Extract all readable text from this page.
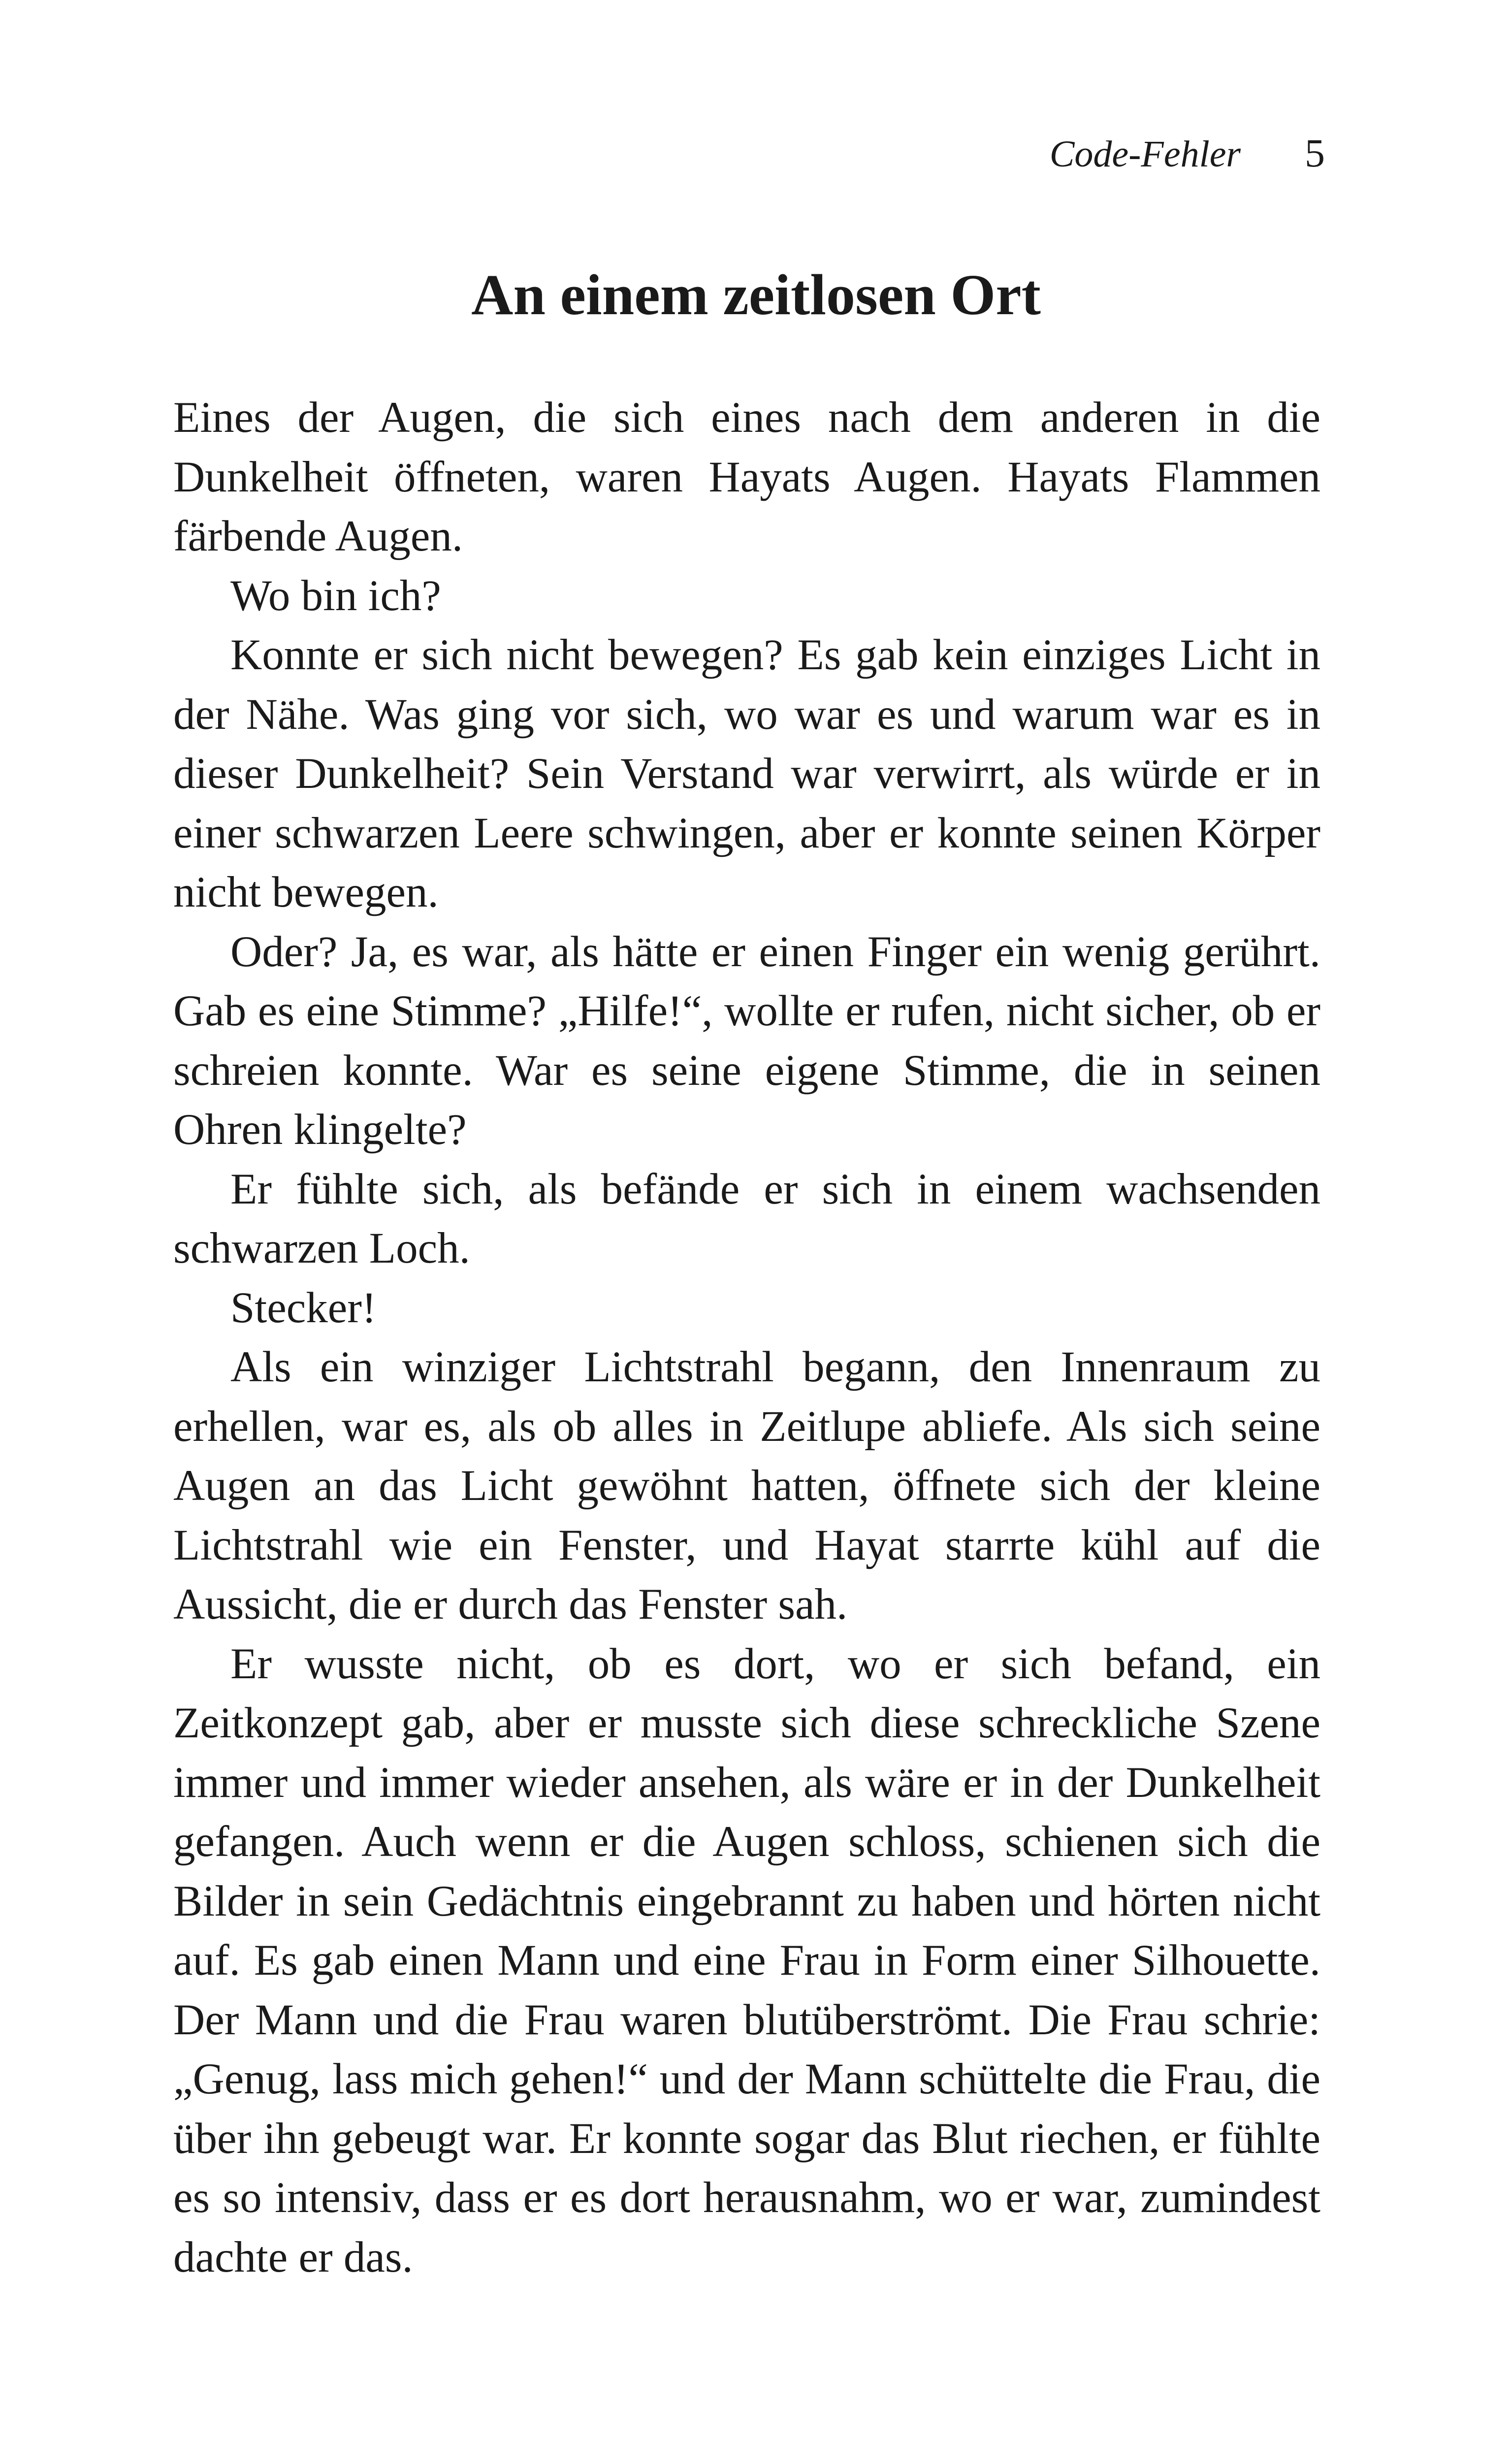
Code-Fehler 5
An einem zeitlosen Ort

Eines der Augen, die sich eines nach dem anderen in die Dunkelheit öffneten, waren Hayats Augen. Hayats Flammen färbende Augen.

Wo bin ich?

Konnte er sich nicht bewegen? Es gab kein einziges Licht in der Nähe. Was ging vor sich, wo war es und warum war es in dieser Dunkelheit? Sein Verstand war verwirrt, als würde er in einer schwarzen Leere schwingen, aber er konnte seinen Körper nicht bewegen.

Oder? Ja, es war, als hätte er einen Finger ein wenig gerührt. Gab es eine Stimme? „Hilfe!“, wollte er rufen, nicht sicher, ob er schreien konnte. War es seine eigene Stimme, die in seinen Ohren klingelte?

Er fühlte sich, als befände er sich in einem wachsenden schwarzen Loch.

Stecker!

Als ein winziger Lichtstrahl begann, den Innenraum zu erhellen, war es, als ob alles in Zeitlupe abliefe. Als sich seine Augen an das Licht gewöhnt hatten, öffnete sich der kleine Lichtstrahl wie ein Fenster, und Hayat starrte kühl auf die Aussicht, die er durch das Fenster sah.

Er wusste nicht, ob es dort, wo er sich befand, ein Zeitkonzept gab, aber er musste sich diese schreckliche Szene immer und immer wieder ansehen, als wäre er in der Dunkelheit gefangen. Auch wenn er die Augen schloss, schienen sich die Bilder in sein Gedächtnis eingebrannt zu haben und hörten nicht auf. Es gab einen Mann und eine Frau in Form einer Silhouette. Der Mann und die Frau waren blutüberströmt. Die Frau schrie: „Genug, lass mich gehen!“ und der Mann schüttelte die Frau, die über ihn gebeugt war. Er konnte sogar das Blut riechen, er fühlte es so intensiv, dass er es dort herausnahm, wo er war, zumindest dachte er das.
